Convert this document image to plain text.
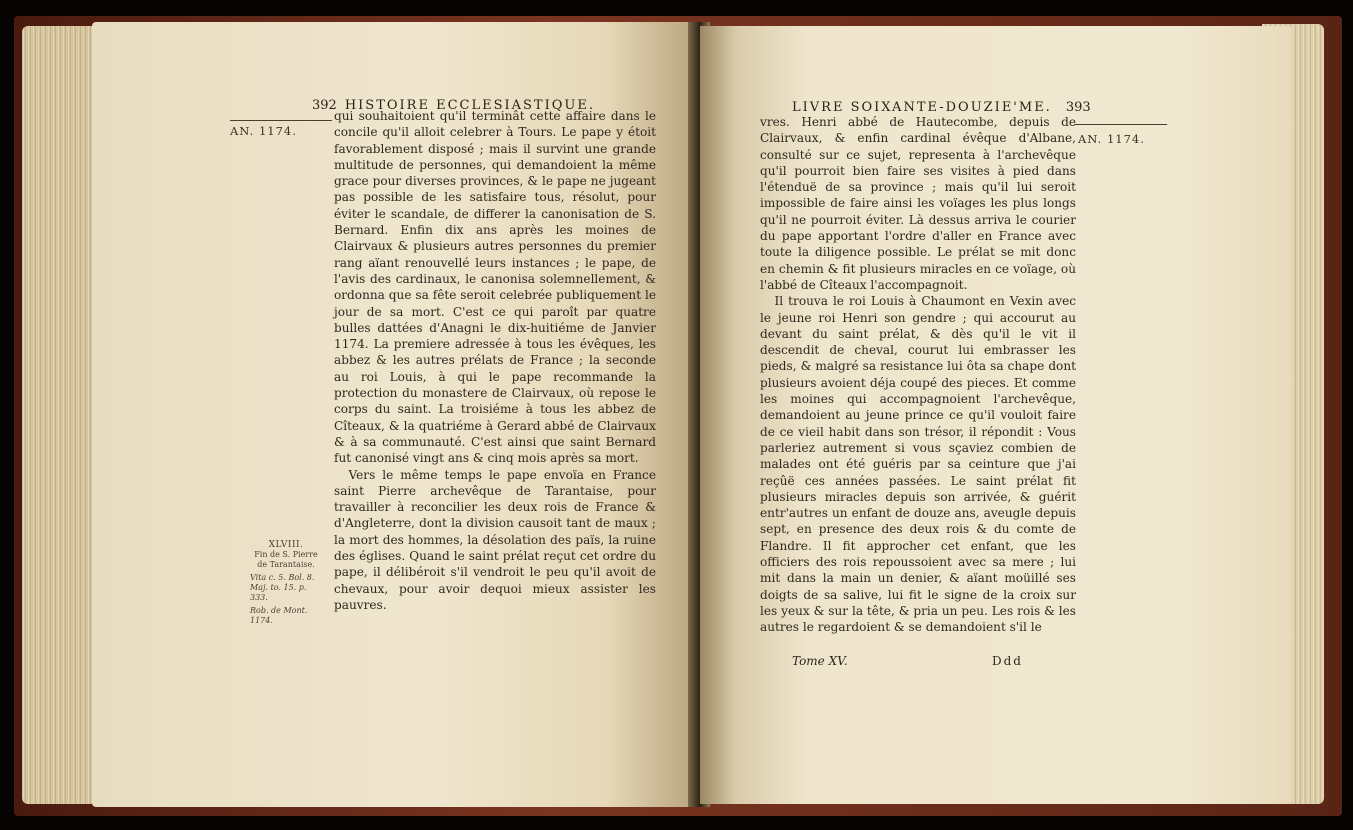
392 HISTOIRE ECCLESIASTIQUE.
AN. 1174.

qui souhaitoient qu'il terminât cette affaire dans le concile qu'il alloit celebrer à Tours. Le pape y étoit favorablement disposé ; mais il survint une grande multitude de personnes, qui demandoient la même grace pour diverses provinces, & le pape ne jugeant pas possible de les satisfaire tous, résolut, pour éviter le scandale, de differer la canonisation de S. Bernard. Enfin dix ans après les moines de Clairvaux & plusieurs autres personnes du premier rang aïant renouvellé leurs instances ; le pape, de l'avis des cardinaux, le canonisa solemnellement, & ordonna que sa fête seroit celebrée publiquement le jour de sa mort. C'est ce qui paroît par quatre bulles dattées d'Anagni le dix-huitiéme de Janvier 1174. La premiere adressée à tous les évêques, les abbez & les autres prélats de France ; la seconde au roi Louis, à qui le pape recommande la protection du monastere de Clairvaux, où repose le corps du saint. La troisiéme à tous les abbez de Cîteaux, & la quatriéme à Gerard abbé de Clairvaux & à sa communauté. C'est ainsi que saint Bernard fut canonisé vingt ans & cinq mois après sa mort.

Vers le même temps le pape envoïa en France saint Pierre archevêque de Tarantaise, pour travailler à reconcilier les deux rois de France & d'Angleterre, dont la division causoit tant de maux ; la mort des hommes, la désolation des païs, la ruine des églises. Quand le saint prélat reçut cet ordre du pape, il délibéroit s'il vendroit le peu qu'il avoit de chevaux, pour avoir dequoi mieux assister les pauvres.

XLVIII.
Fin de S. Pierre de Tarantaise.
Vita c. 5. Bol. 8. Maj. to. 15. p. 333.
Rob. de Mont. 1174.
LIVRE SOIXANTE-DOUZIE'ME. 393
AN. 1174.

vres. Henri abbé de Hautecombe, depuis de Clairvaux, & enfin cardinal évêque d'Albane, consulté sur ce sujet, representa à l'archevêque qu'il pourroit bien faire ses visites à pied dans l'étenduë de sa province ; mais qu'il lui seroit impossible de faire ainsi les voïages les plus longs qu'il ne pourroit éviter. Là dessus arriva le courier du pape apportant l'ordre d'aller en France avec toute la diligence possible. Le prélat se mit donc en chemin & fit plusieurs miracles en ce voïage, où l'abbé de Cîteaux l'accompagnoit.

Il trouva le roi Louis à Chaumont en Vexin avec le jeune roi Henri son gendre ; qui accourut au devant du saint prélat, & dès qu'il le vit il descendit de cheval, courut lui embrasser les pieds, & malgré sa resistance lui ôta sa chape dont plusieurs avoient déja coupé des pieces. Et comme les moines qui accompagnoient l'archevêque, demandoient au jeune prince ce qu'il vouloit faire de ce vieil habit dans son trésor, il répondit : Vous parleriez autrement si vous sçaviez combien de malades ont été guéris par sa ceinture que j'ai reçûë ces années passées. Le saint prélat fit plusieurs miracles depuis son arrivée, & guérit entr'autres un enfant de douze ans, aveugle depuis sept, en presence des deux rois & du comte de Flandre. Il fit approcher cet enfant, que les officiers des rois repoussoient avec sa mere ; lui mit dans la main un denier, & aïant moüillé ses doigts de sa salive, lui fit le signe de la croix sur les yeux & sur la tête, & pria un peu. Les rois & les autres le regardoient & se demandoient s'il le

Tome XV.	Ddd
